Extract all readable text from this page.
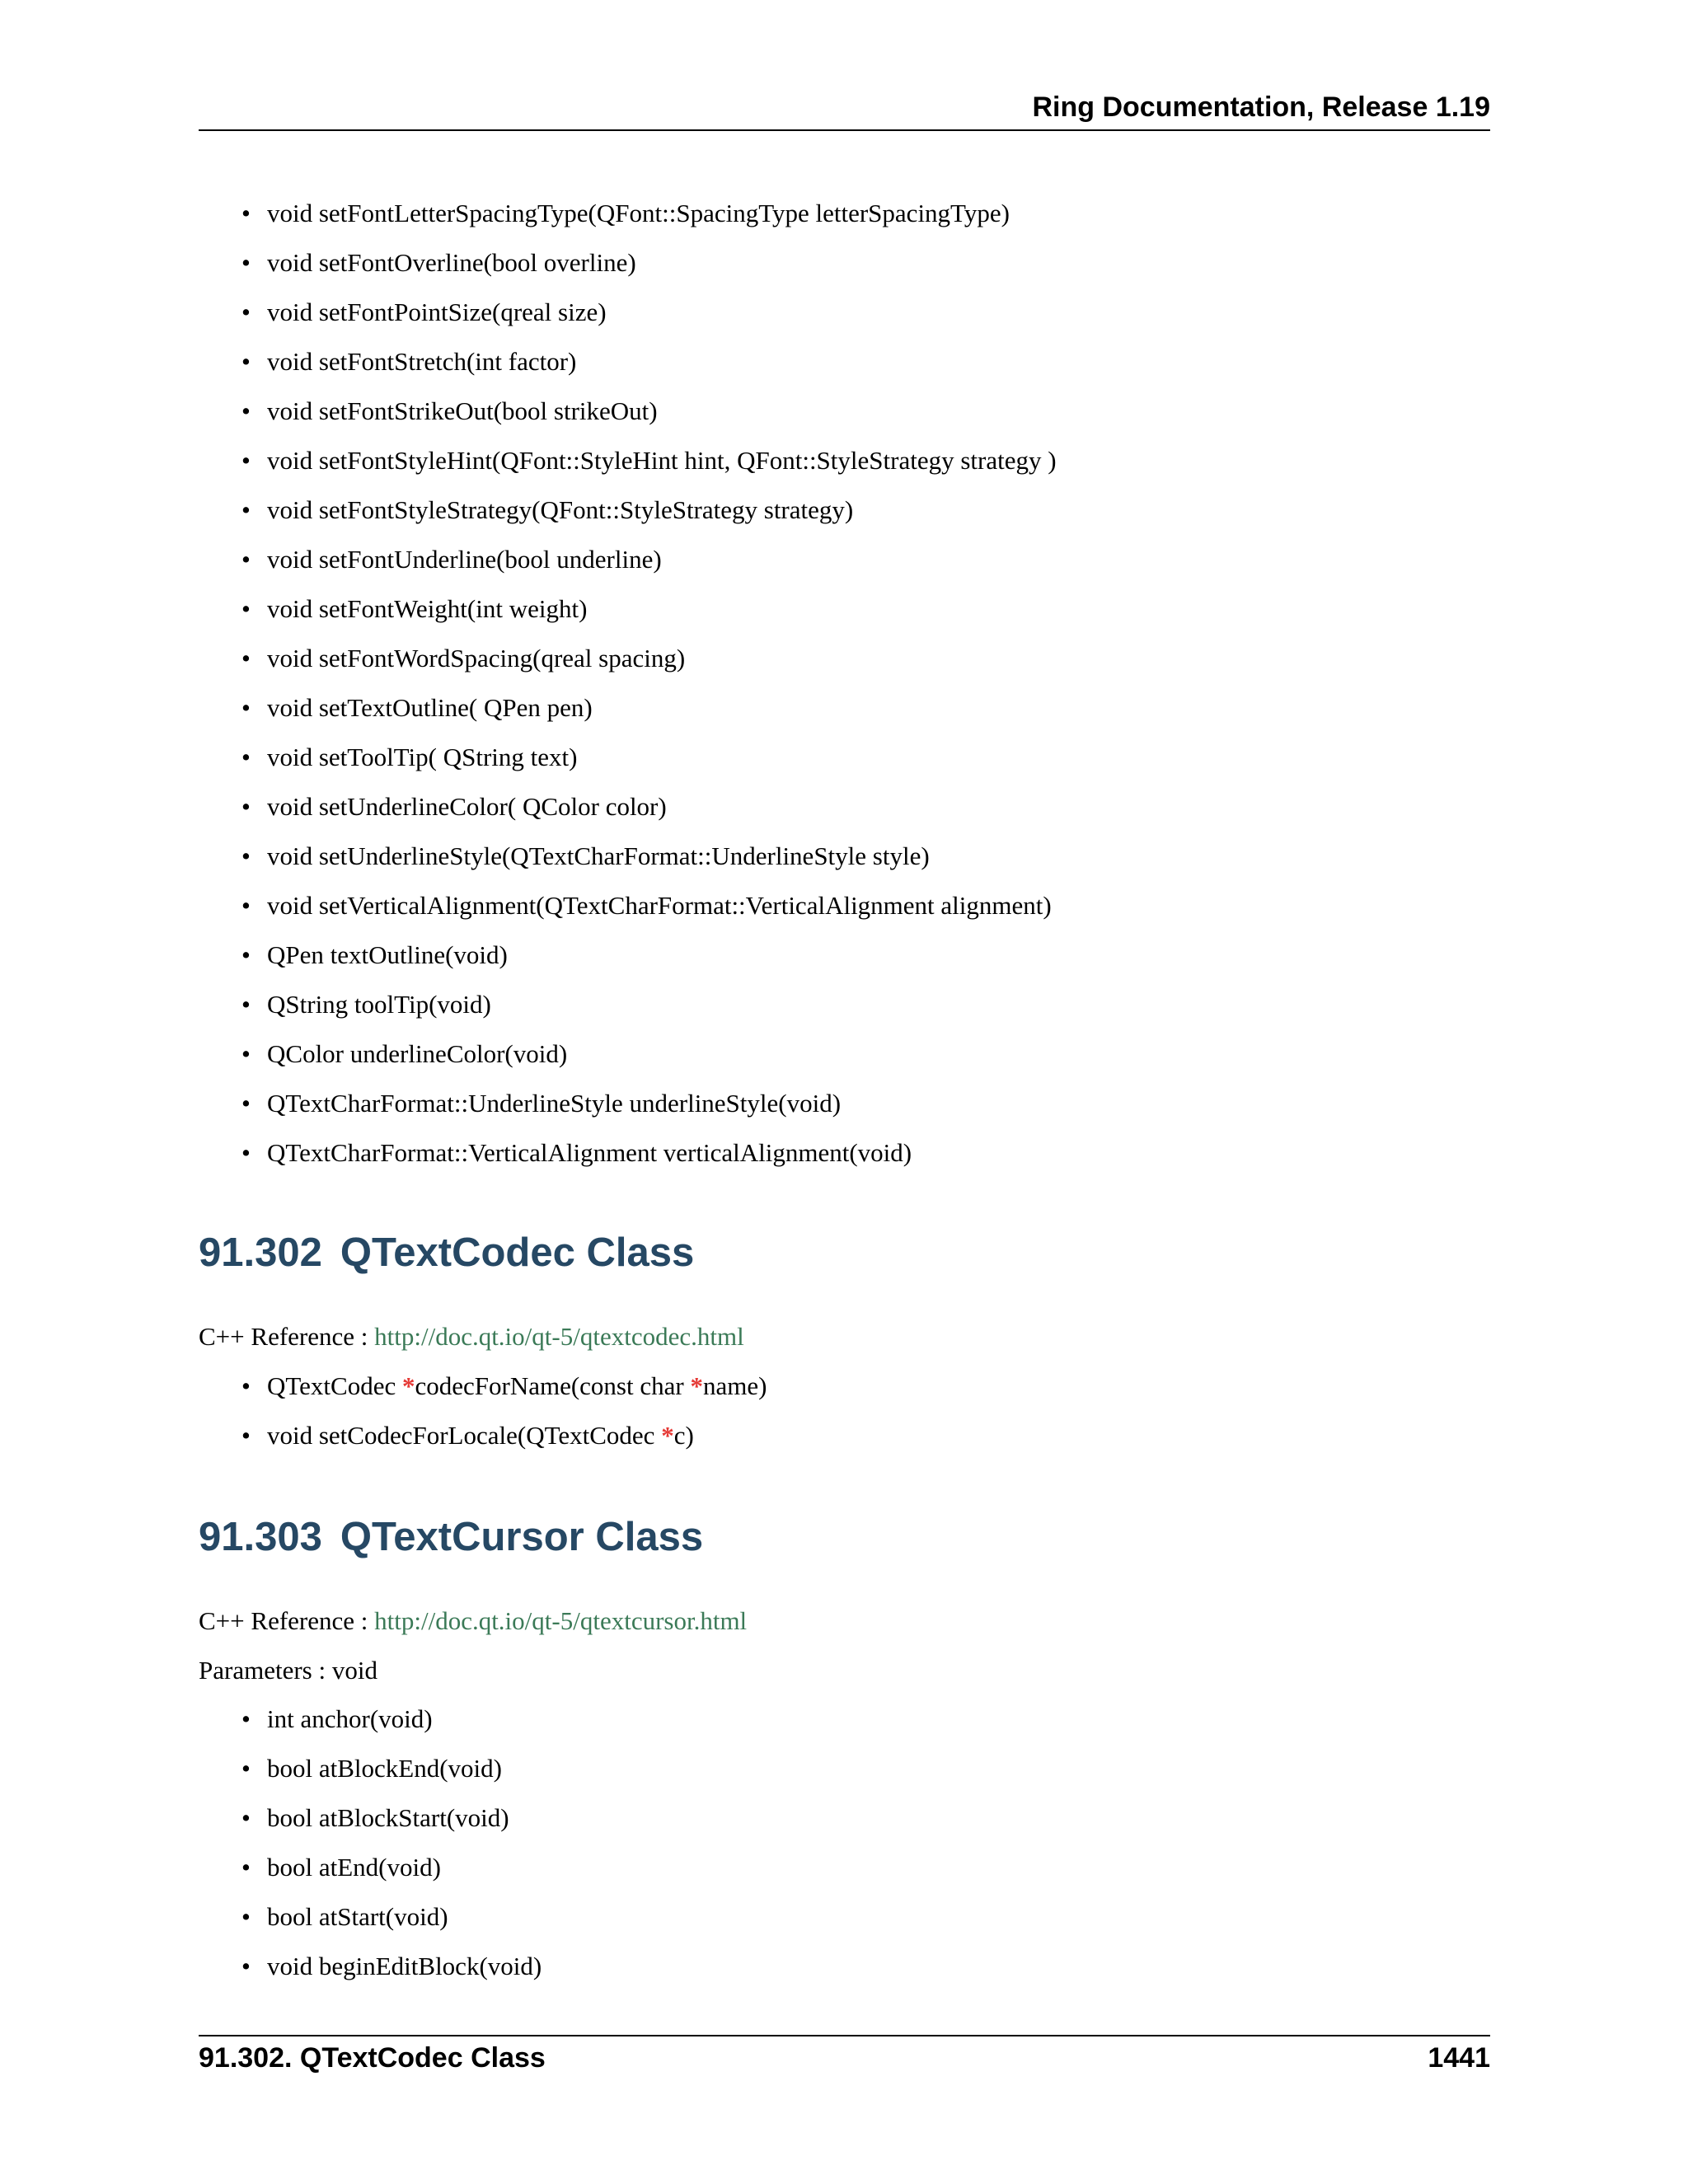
Ring Documentation, Release 1.19
• void setFontLetterSpacingType(QFont::SpacingType letterSpacingType)
• void setFontOverline(bool overline)
• void setFontPointSize(qreal size)
• void setFontStretch(int factor)
• void setFontStrikeOut(bool strikeOut)
• void setFontStyleHint(QFont::StyleHint hint, QFont::StyleStrategy strategy )
• void setFontStyleStrategy(QFont::StyleStrategy strategy)
• void setFontUnderline(bool underline)
• void setFontWeight(int weight)
• void setFontWordSpacing(qreal spacing)
• void setTextOutline( QPen pen)
• void setToolTip( QString text)
• void setUnderlineColor( QColor color)
• void setUnderlineStyle(QTextCharFormat::UnderlineStyle style)
• void setVerticalAlignment(QTextCharFormat::VerticalAlignment alignment)
• QPen textOutline(void)
• QString toolTip(void)
• QColor underlineColor(void)
• QTextCharFormat::UnderlineStyle underlineStyle(void)
• QTextCharFormat::VerticalAlignment verticalAlignment(void)
91.302 QTextCodec Class
C++ Reference : http://doc.qt.io/qt-5/qtextcodec.html
• QTextCodec *codecForName(const char *name)
• void setCodecForLocale(QTextCodec *c)
91.303 QTextCursor Class
C++ Reference : http://doc.qt.io/qt-5/qtextcursor.html
Parameters : void
• int anchor(void)
• bool atBlockEnd(void)
• bool atBlockStart(void)
• bool atEnd(void)
• bool atStart(void)
• void beginEditBlock(void)
91.302. QTextCodec Class	1441
